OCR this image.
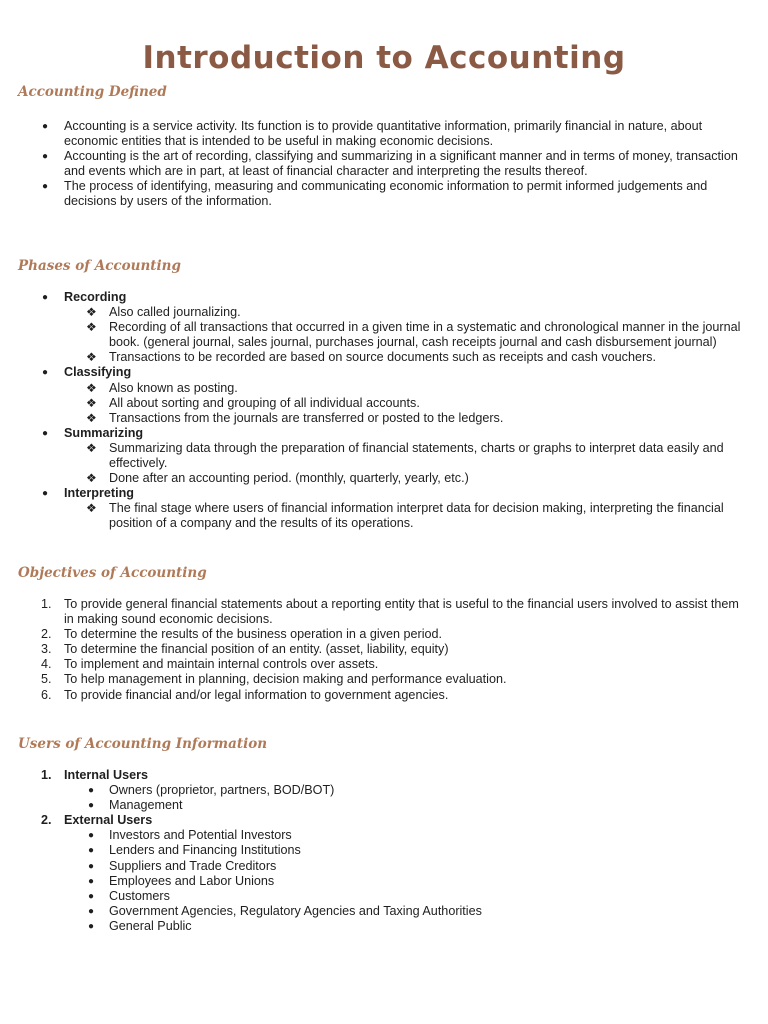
Introduction to Accounting
Accounting Defined
●	Accounting is a service activity. Its function is to provide quantitative information, primarily financial in nature, about economic entities that is intended to be useful in making economic decisions.
●	Accounting is the art of recording, classifying and summarizing in a significant manner and in terms of money, transaction and events which are in part, at least of financial character and interpreting the results thereof.
●	The process of identifying, measuring and communicating economic information to permit informed judgements and decisions by users of the information.
Phases of Accounting
●	Recording
❖ Also called journalizing.
❖ Recording of all transactions that occurred in a given time in a systematic and chronological manner in the journal book. (general journal, sales journal, purchases journal, cash receipts journal and cash disbursement journal)
❖ Transactions to be recorded are based on source documents such as receipts and cash vouchers.
●	Classifying
❖ Also known as posting.
❖ All about sorting and grouping of all individual accounts.
❖ Transactions from the journals are transferred or posted to the ledgers.
●	Summarizing
❖ Summarizing data through the preparation of financial statements, charts or graphs to interpret data easily and effectively.
❖ Done after an accounting period. (monthly, quarterly, yearly, etc.)
●	Interpreting
❖ The final stage where users of financial information interpret data for decision making, interpreting the financial position of a company and the results of its operations.
Objectives of Accounting
1. To provide general financial statements about a reporting entity that is useful to the financial users involved to assist them in making sound economic decisions.
2. To determine the results of the business operation in a given period.
3. To determine the financial position of an entity. (asset, liability, equity)
4. To implement and maintain internal controls over assets.
5. To help management in planning, decision making and performance evaluation.
6. To provide financial and/or legal information to government agencies.
Users of Accounting Information
1. Internal Users
●	Owners (proprietor, partners, BOD/BOT)
●	Management
2. External Users
●	Investors and Potential Investors
●	Lenders and Financing Institutions
●	Suppliers and Trade Creditors
●	Employees and Labor Unions
●	Customers
●	Government Agencies, Regulatory Agencies and Taxing Authorities
●	General Public
